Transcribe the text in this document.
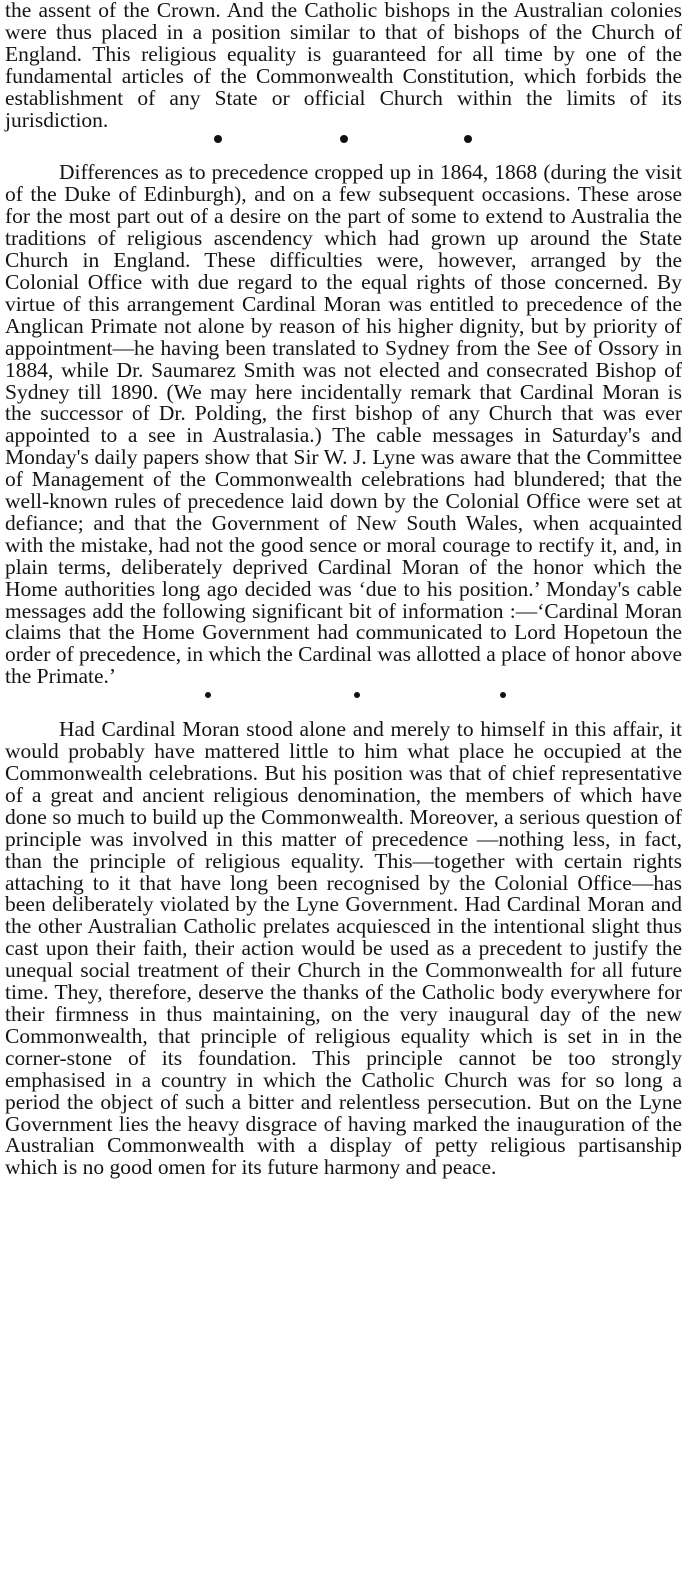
the assent of the Crown. And the Catholic bishops in the Australian colonies were thus placed in a position similar to that of bishops of the Church of England. This religious equality is guaranteed for all time by one of the fundamental articles of the Commonwealth Constitution, which forbids the establishment of any State or official Church within the limits of its jurisdiction.

Differences as to precedence cropped up in 1864, 1868 (during the visit of the Duke of Edinburgh), and on a few subsequent occasions. These arose for the most part out of a desire on the part of some to extend to Australia the traditions of religious ascendency which had grown up around the State Church in England. These difficulties were, however, arranged by the Colonial Office with due regard to the equal rights of those concerned. By virtue of this arrangement Cardinal Moran was entitled to precedence of the Anglican Primate not alone by reason of his higher dignity, but by priority of appointment—he having been translated to Sydney from the See of Ossory in 1884, while Dr. Saumarez Smith was not elected and consecrated Bishop of Sydney till 1890. (We may here incidentally remark that Cardinal Moran is the successor of Dr. Polding, the first bishop of any Church that was ever appointed to a see in Australasia.) The cable messages in Saturday's and Monday's daily papers show that Sir W. J. Lyne was aware that the Committee of Management of the Commonwealth celebrations had blundered; that the well-known rules of precedence laid down by the Colonial Office were set at defiance; and that the Government of New South Wales, when acquainted with the mistake, had not the good sence or moral courage to rectify it, and, in plain terms, deliberately deprived Cardinal Moran of the honor which the Home authorities long ago decided was ‘due to his position.’ Monday's cable messages add the following significant bit of information :—‘Cardinal Moran claims that the Home Government had communicated to Lord Hopetoun the order of precedence, in which the Cardinal was allotted a place of honor above the Primate.’

Had Cardinal Moran stood alone and merely to himself in this affair, it would probably have mattered little to him what place he occupied at the Commonwealth celebrations. But his position was that of chief representative of a great and ancient religious denomination, the members of which have done so much to build up the Commonwealth. Moreover, a serious question of principle was involved in this matter of precedence —nothing less, in fact, than the principle of religious equality. This—together with certain rights attaching to it that have long been recognised by the Colonial Office—has been deliberately violated by the Lyne Government. Had Cardinal Moran and the other Australian Catholic prelates acquiesced in the intentional slight thus cast upon their faith, their action would be used as a precedent to justify the unequal social treatment of their Church in the Commonwealth for all future time. They, therefore, deserve the thanks of the Catholic body everywhere for their firmness in thus maintaining, on the very inaugural day of the new Commonwealth, that principle of religious equality which is set in in the corner-stone of its foundation. This principle cannot be too strongly emphasised in a country in which the Catholic Church was for so long a period the object of such a bitter and relentless persecution. But on the Lyne Government lies the heavy disgrace of having marked the inauguration of the Australian Commonwealth with a display of petty religious partisanship which is no good omen for its future harmony and peace.
